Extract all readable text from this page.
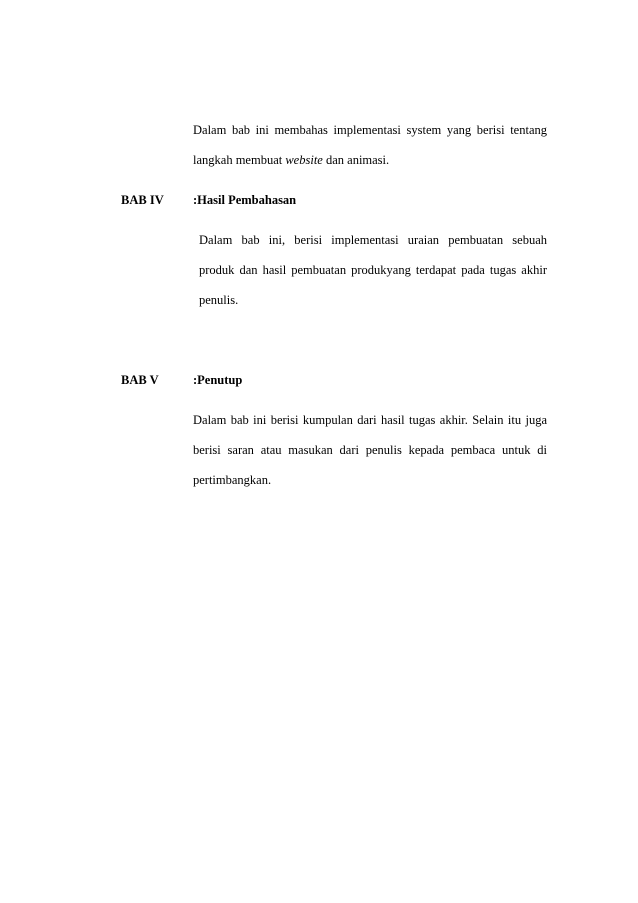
Dalam bab ini membahas implementasi system yang berisi tentang
langkah membuat website dan animasi.
BAB IV :Hasil Pembahasan
Dalam bab ini, berisi implementasi uraian pembuatan sebuah
produk dan hasil pembuatan produkyang terdapat pada tugas akhir
penulis.
BAB V	:Penutup
Dalam bab ini berisi kumpulan dari hasil tugas akhir. Selain itu juga
berisi saran atau masukan dari penulis kepada pembaca untuk di
pertimbangkan.
